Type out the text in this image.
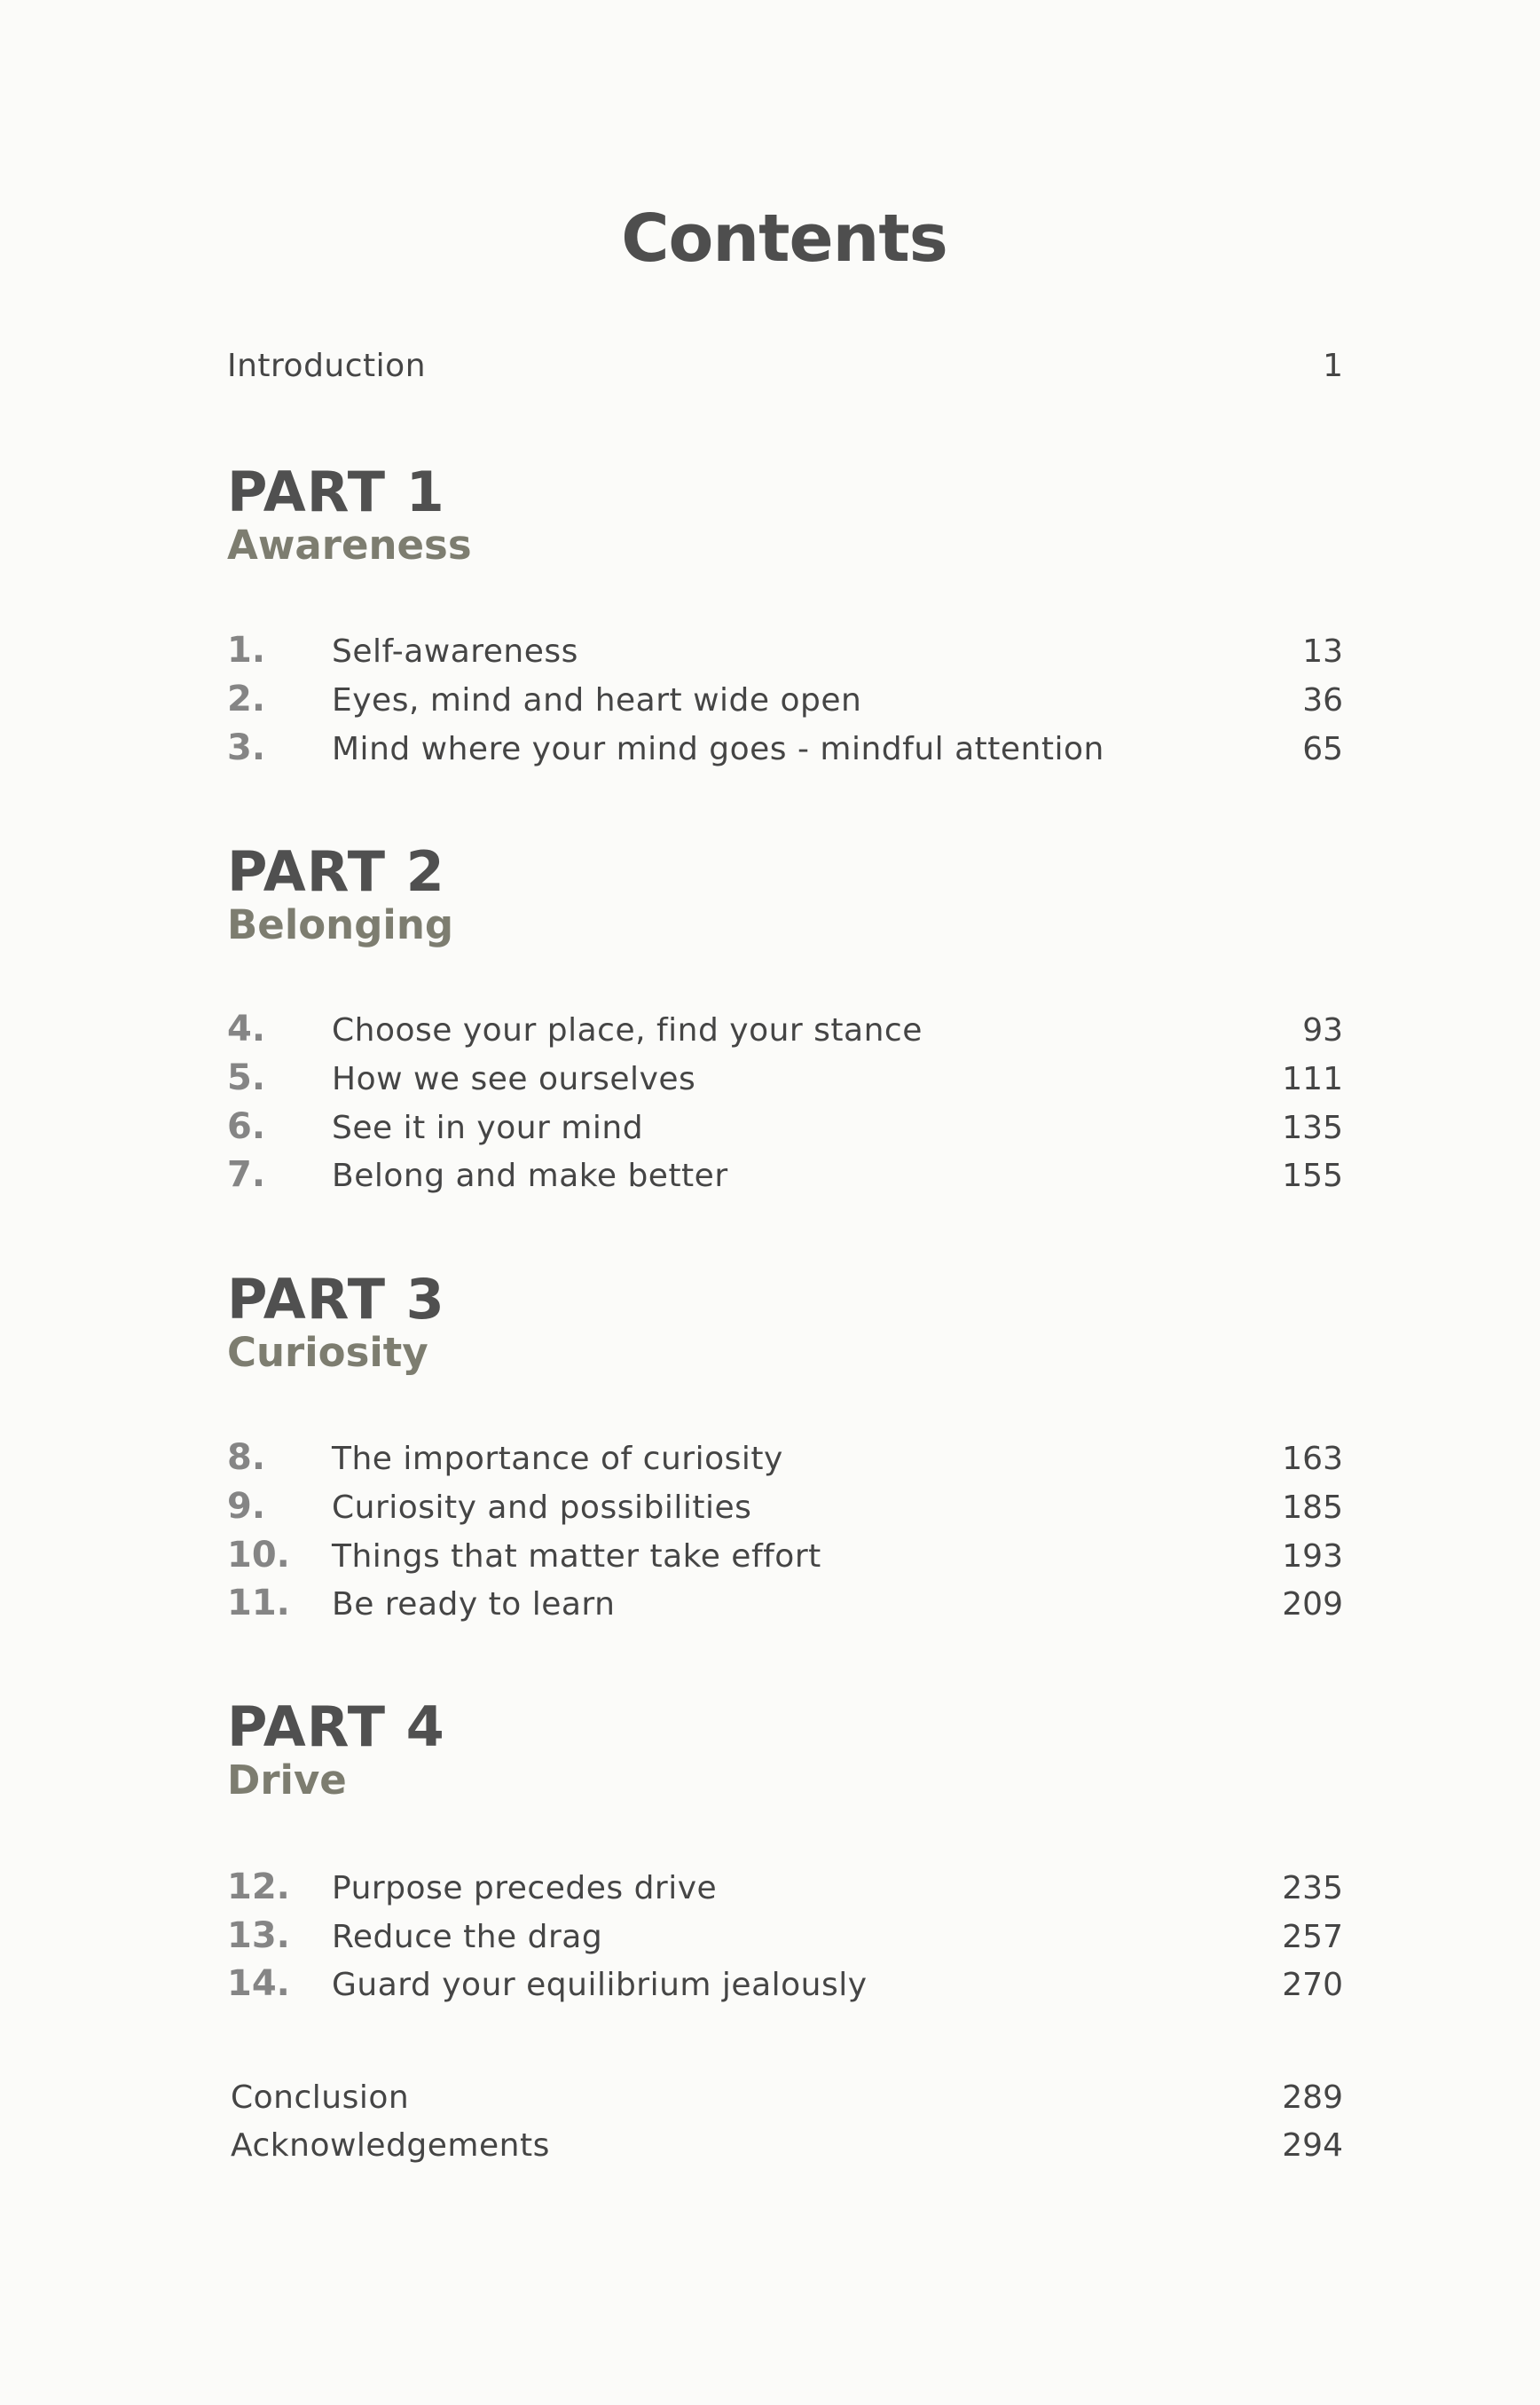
Contents
Introduction	1
PART 1
Awareness
1. Self-awareness	13
2. Eyes, mind and heart wide open	36
3. Mind where your mind goes - mindful attention	65
PART 2
Belonging
4. Choose your place, find your stance	93
5. How we see ourselves	111
6. See it in your mind	135
7. Belong and make better	155
PART 3
Curiosity
8. The importance of curiosity	163
9. Curiosity and possibilities	185
10. Things that matter take effort	193
11. Be ready to learn	209
PART 4
Drive
12. Purpose precedes drive	235
13. Reduce the drag	257
14. Guard your equilibrium jealously	270
Conclusion	289
Acknowledgements	294
